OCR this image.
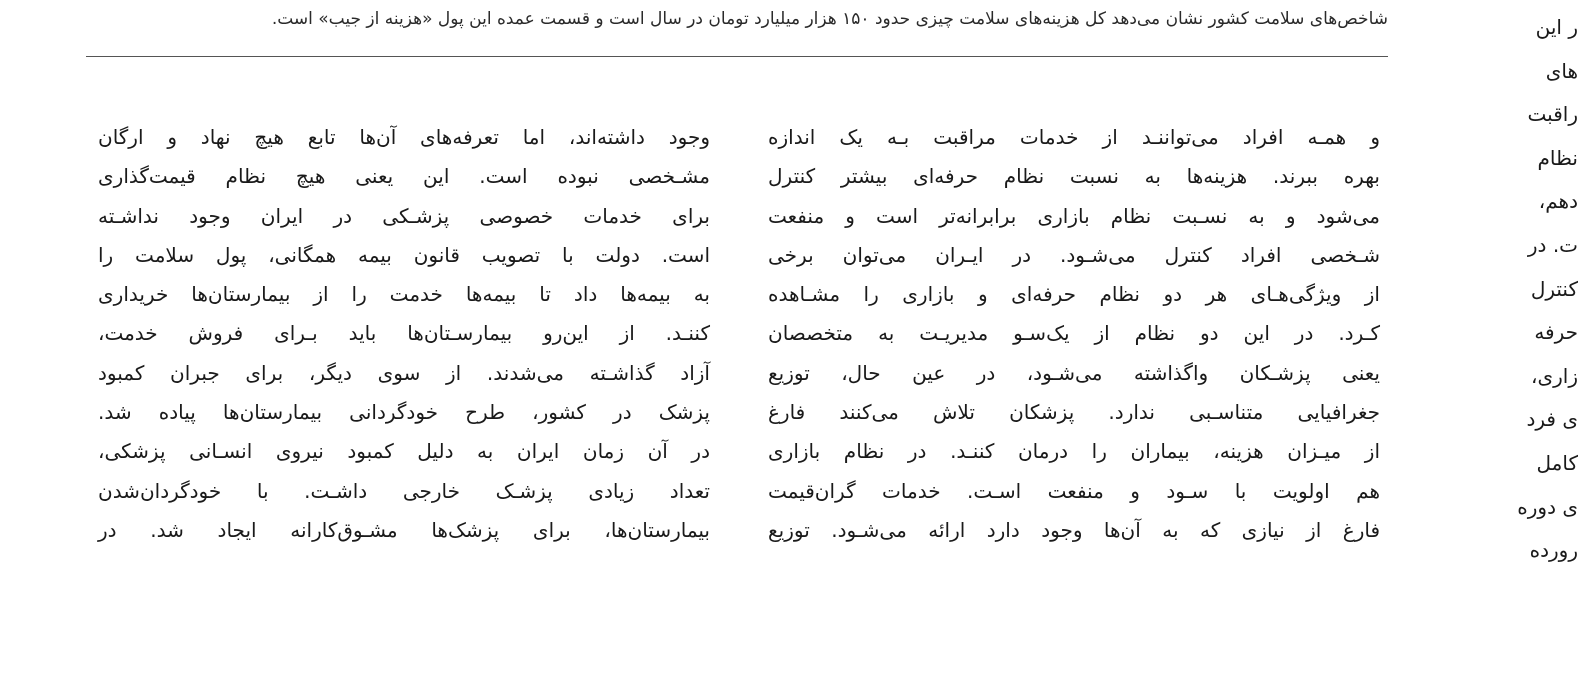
شاخص‌های سلامت کشور نشان می‌دهد کل هزینه‌های سلامت چیزی حدود ۱۵۰ هزار میلیارد تومان در سال است و قسمت عمده این پول «هزینه از جیب» است.	ر این
‌های
راقبت
نظام
دهم،
ت. در
کنترل
حرفه
زاری،
ی فرد
کامل
ی دوره
رورده
و همـه افراد می‌تواننـد از خدمات مراقبت بـه یک اندازه
بهره ببرند. هزینه‌ها به نسبت نظام حرفه‌ای بیشتر کنترل
می‌شود و به نسـبت نظام بازاری برابرانه‌تر است و منفعت
شـخصی افراد کنترل می‌شـود. در ایـران می‌توان برخی
از ویژگی‌هـای هر دو نظام حرفه‌ای و بازاری را مشـاهده
کـرد. در این دو نظام از یک‌سـو مدیریـت به متخصصان
یعنی پزشـکان واگذاشته می‌شـود، در عین حال، توزیع
جغرافیایی متناسـبی ندارد. پزشکان تلاش می‌کنند فارغ
از میـزان هزینه، بیماران را درمان کننـد. در نظام بازاری
هم اولویت با سـود و منفعت اسـت. خدمات گران‌قیمت
فارغ از نیازی که به آن‌ها وجود دارد ارائه می‌شـود. توزیع
وجود داشته‌اند، اما تعرفه‌های آن‌ها تابع هیچ نهاد و ارگان
مشـخصی نبوده است. این یعنی هیچ نظام قیمت‌گذاری
برای خدمات خصوصی پزشـکی در ایران وجود نداشـته
است. دولت با تصویب قانون بیمه همگانی، پول سلامت را
به بیمه‌ها داد تا بیمه‌ها خدمت را از بیمارستان‌ها خریداری
کننـد. از این‌رو بیمارسـتان‌ها باید بـرای فروش خدمت،
آزاد گذاشـته می‌شدند. از سوی دیگر، برای جبران کمبود
پزشک در کشور، طرح خودگردانی بیمارستان‌ها پیاده شد.
در آن زمان ایران به دلیل کمبود نیروی انسـانی پزشکی،
تعداد زیادی پزشـک خارجی داشـت. با خودگردان‌شدن
بیمارستان‌ها، برای پزشک‌ها مشـوق‌کارانه ایجاد شد. در
